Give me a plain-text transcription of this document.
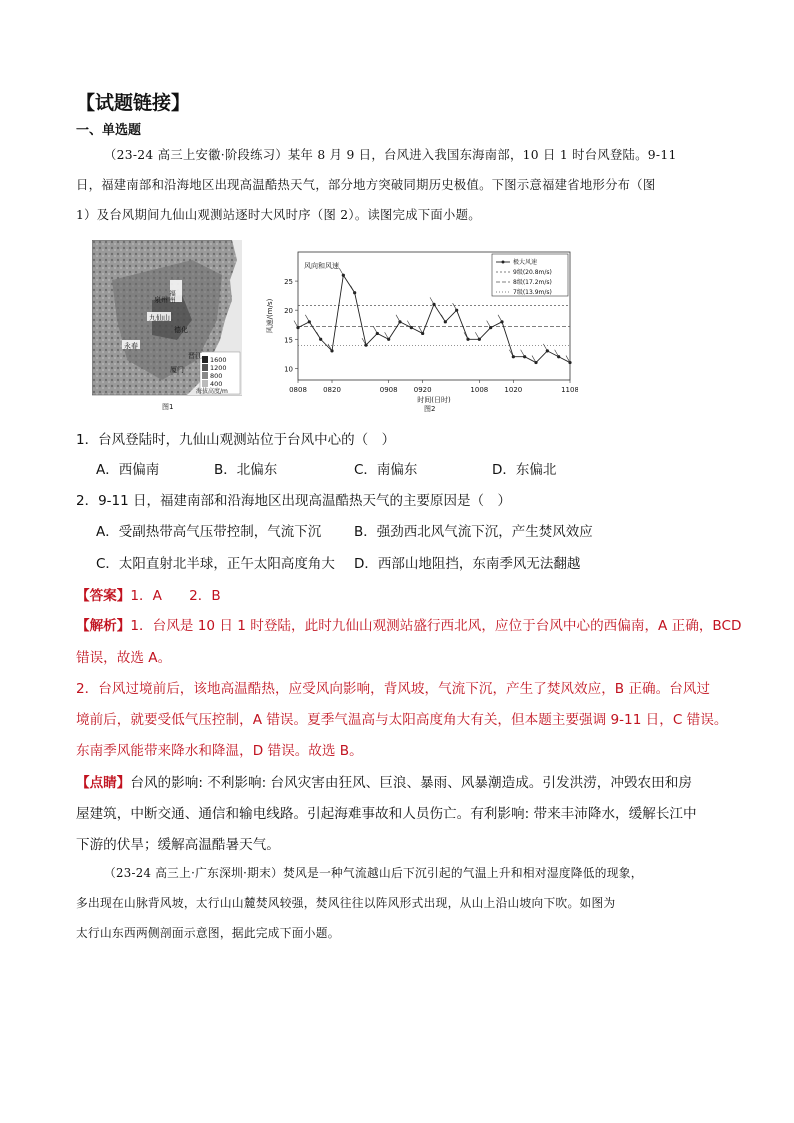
【试题链接】
一、单选题
（23-24 高三上安徽·阶段练习）某年 8 月 9 日，台风进入我国东海南部，10 日 1 时台风登陆。9-11
日，福建南部和沿海地区出现高温酷热天气，部分地方突破同期历史极值。下图示意福建省地形分布（图
1）及台风期间九仙山观测站逐时大风时序（图 2）。读图完成下面小题。
1600
1200
800
400
海拔高度/m
九仙山
永春
德化
泉州
晋江
厦门
福州
图1
25
20
15
10
0808 0820	0908 0920	1008 1020	1108
时间(日时)
风速/(m/s)
风向和风速	极大风速
9级(20.8m/s)
8级(17.2m/s)
7级(13.9m/s)
图2
1．台风登陆时，九仙山观测站位于台风中心的（　）
A．西偏南	B．北偏东	C．南偏东	D．东偏北
2．9-11 日，福建南部和沿海地区出现高温酷热天气的主要原因是（　）
A．受副热带高气压带控制，气流下沉 B．强劲西北风气流下沉，产生焚风效应
C．太阳直射北半球，正午太阳高度角大 D．西部山地阻挡，东南季风无法翻越
【答案】1．A　　2．B
【解析】1．台风是 10 日 1 时登陆，此时九仙山观测站盛行西北风，应位于台风中心的西偏南，A 正确，BCD
错误，故选 A。
2．台风过境前后，该地高温酷热，应受风向影响，背风坡，气流下沉，产生了焚风效应，B 正确。台风过
境前后，就要受低气压控制，A 错误。夏季气温高与太阳高度角大有关，但本题主要强调 9-11 日，C 错误。
东南季风能带来降水和降温，D 错误。故选 B。
【点睛】台风的影响: 不利影响: 台风灾害由狂风、巨浪、暴雨、风暴潮造成。引发洪涝，冲毁农田和房
屋建筑，中断交通、通信和输电线路。引起海难事故和人员伤亡。有利影响: 带来丰沛降水，缓解长江中
下游的伏旱；缓解高温酷暑天气。
（23-24 高三上·广东深圳·期末）焚风是一种气流越山后下沉引起的气温上升和相对湿度降低的现象，
多出现在山脉背风坡，太行山山麓焚风较强，焚风往往以阵风形式出现，从山上沿山坡向下吹。如图为
太行山东西两侧剖面示意图，据此完成下面小题。
